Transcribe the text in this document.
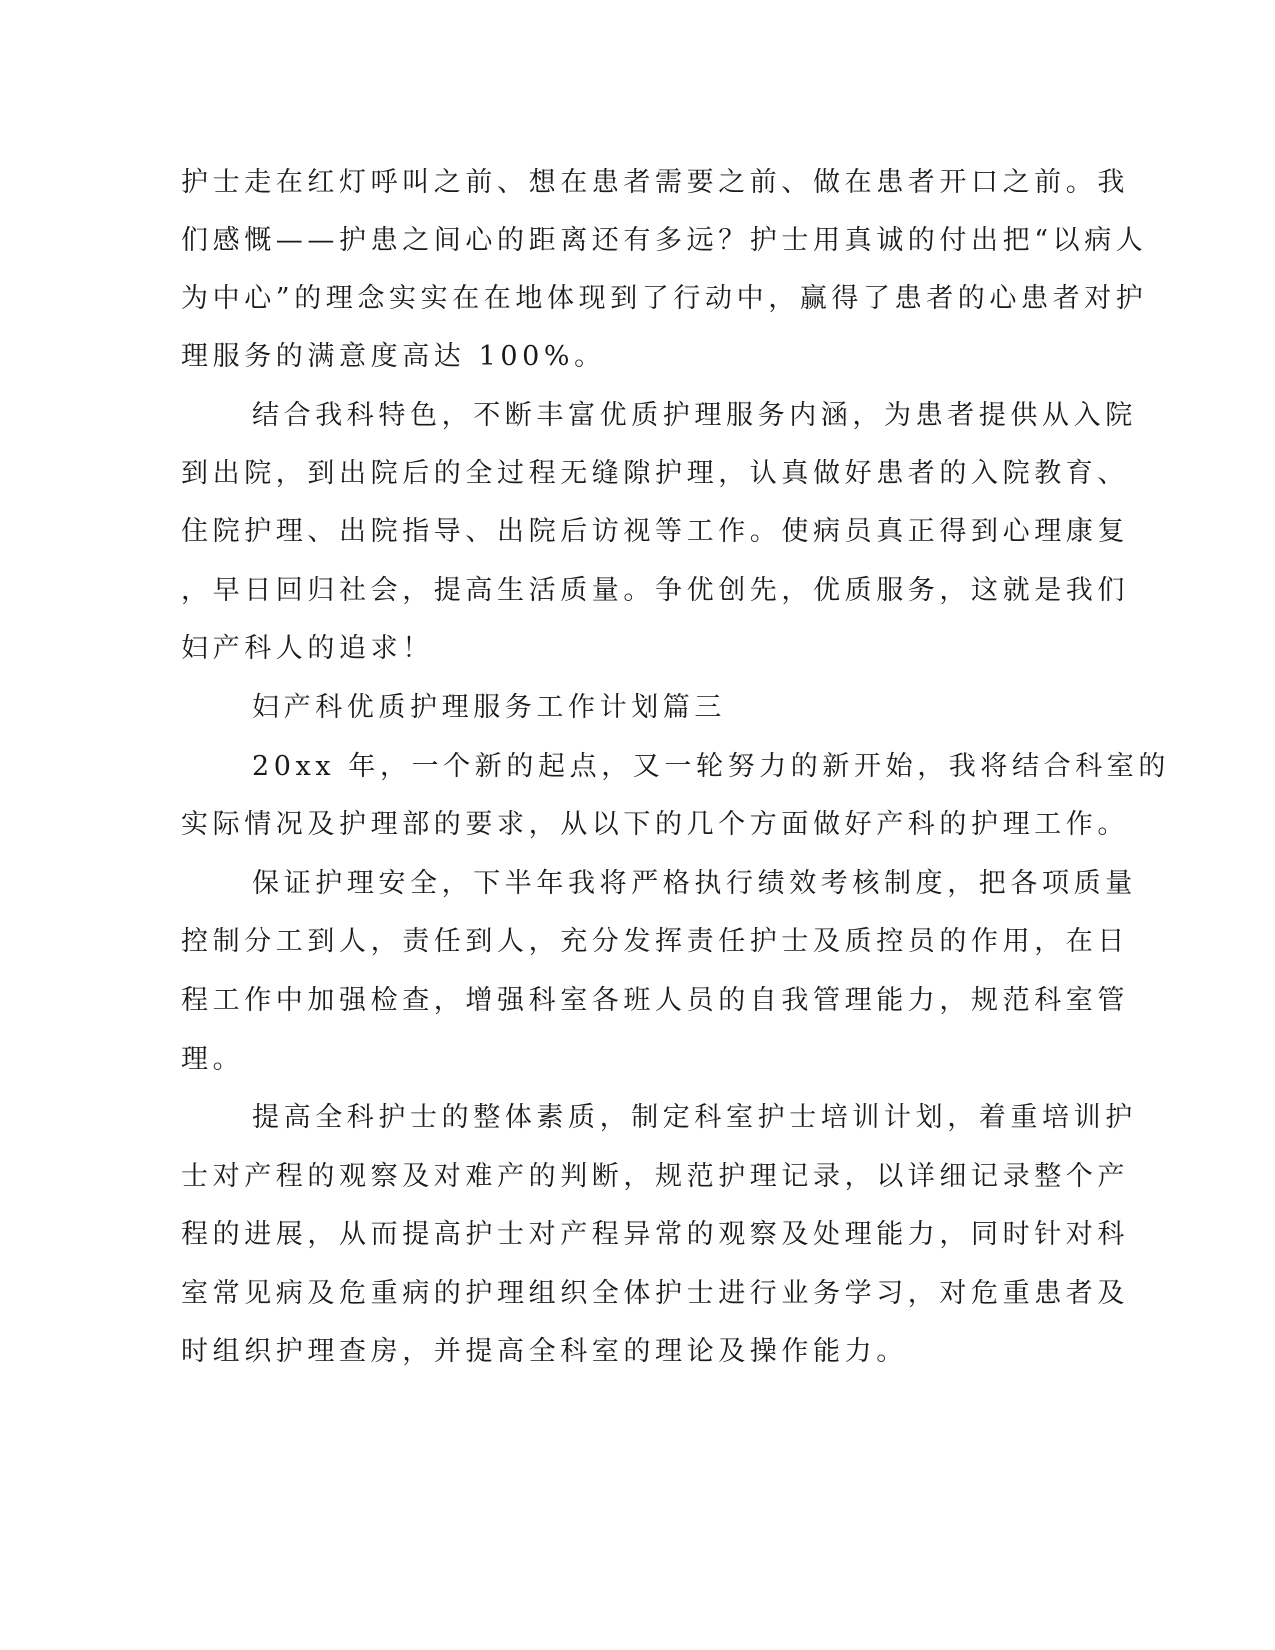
护士走在红灯呼叫之前、想在患者需要之前、做在患者开口之前。我
们感慨——护患之间心的距离还有多远？护士用真诚的付出把“以病人
为中心”的理念实实在在地体现到了行动中，赢得了患者的心患者对护
理服务的满意度高达 100%。
结合我科特色，不断丰富优质护理服务内涵，为患者提供从入院
到出院，到出院后的全过程无缝隙护理，认真做好患者的入院教育、
住院护理、出院指导、出院后访视等工作。使病员真正得到心理康复
，早日回归社会，提高生活质量。争优创先，优质服务，这就是我们
妇产科人的追求！
妇产科优质护理服务工作计划篇三
20xx 年，一个新的起点，又一轮努力的新开始，我将结合科室的
实际情况及护理部的要求，从以下的几个方面做好产科的护理工作。
保证护理安全，下半年我将严格执行绩效考核制度，把各项质量
控制分工到人，责任到人，充分发挥责任护士及质控员的作用，在日
程工作中加强检查，增强科室各班人员的自我管理能力，规范科室管
理。
提高全科护士的整体素质，制定科室护士培训计划，着重培训护
士对产程的观察及对难产的判断，规范护理记录，以详细记录整个产
程的进展，从而提高护士对产程异常的观察及处理能力，同时针对科
室常见病及危重病的护理组织全体护士进行业务学习，对危重患者及
时组织护理查房，并提高全科室的理论及操作能力。
